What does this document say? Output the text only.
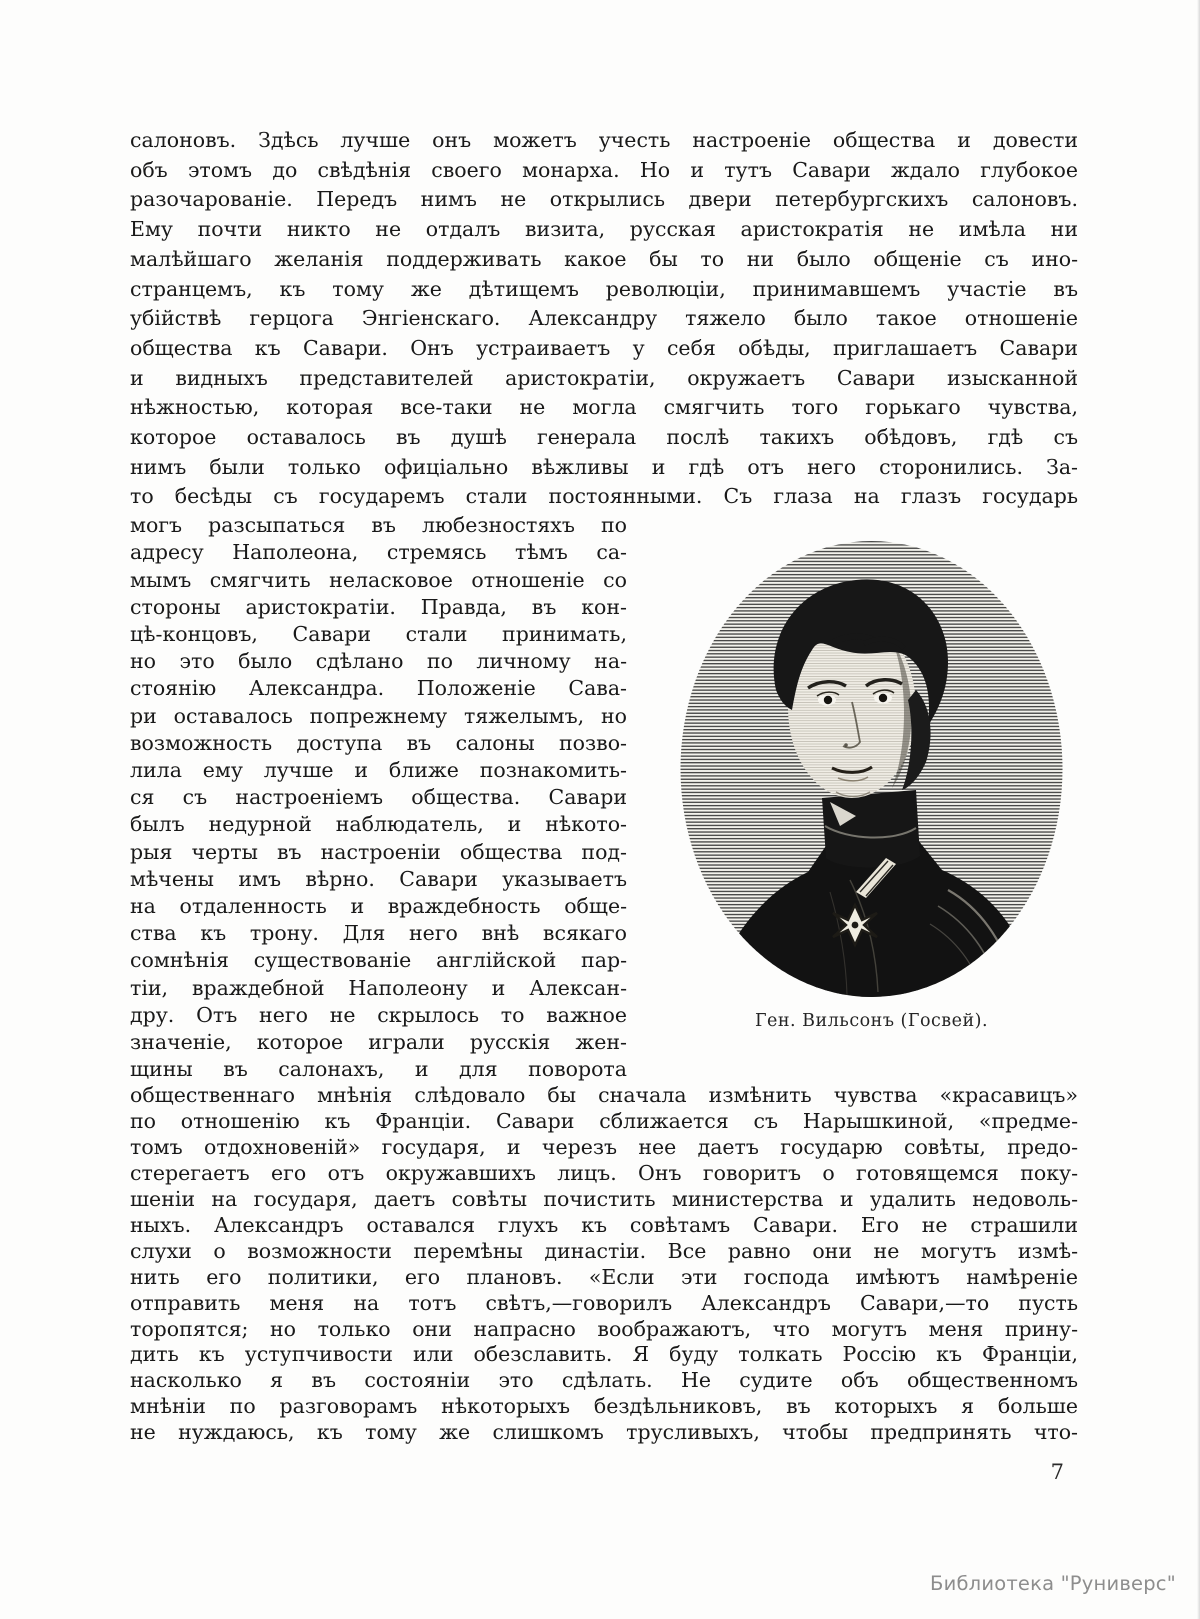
салоновъ. Здѣсь лучше онъ можетъ учесть настроеніе общества и довести
объ этомъ до свѣдѣнія своего монарха. Но и тутъ Савари ждало глубокое
разочарованіе. Передъ нимъ не открылись двери петербургскихъ салоновъ.
Ему почти никто не отдалъ визита, русская аристократія не имѣла ни
малѣйшаго желанія поддерживать какое бы то ни было общеніе съ ино-
странцемъ, къ тому же дѣтищемъ революціи, принимавшемъ участіе въ
убійствѣ герцога Энгіенскаго. Александру тяжело было такое отношеніе
общества къ Савари. Онъ устраиваетъ у себя обѣды, приглашаетъ Савари
и видныхъ представителей аристократіи, окружаетъ Савари изысканной
нѣжностью, которая все-таки не могла смягчить того горькаго чувства,
которое оставалось въ душѣ генерала послѣ такихъ обѣдовъ, гдѣ съ
нимъ были только офиціально вѣжливы и гдѣ отъ него сторонились. За-
то бесѣды съ государемъ стали постоянными. Съ глаза на глазъ государь
могъ разсыпаться въ любезностяхъ по
адресу Наполеона, стремясь тѣмъ са-
мымъ смягчить неласковое отношеніе со
стороны аристократіи. Правда, въ кон-
цѣ-концовъ, Савари стали принимать,
но это было сдѣлано по личному на-
стоянію Александра. Положеніе Сава-
ри оставалось попрежнему тяжелымъ, но
возможность доступа въ салоны позво-
лила ему лучше и ближе познакомить-
ся съ настроеніемъ общества. Савари
былъ недурной наблюдатель, и нѣкото-
рыя черты въ настроеніи общества под-
мѣчены имъ вѣрно. Савари указываетъ
на отдаленность и враждебность обще-
ства къ трону. Для него внѣ всякаго
сомнѣнія существованіе англійской пар-
тіи, враждебной Наполеону и Алексан-
дру. Отъ него не скрылось то важное
значеніе, которое играли русскія жен-
щины въ салонахъ, и для поворота
Ген. Вильсонъ (Госвей).
общественнаго мнѣнія слѣдовало бы сначала измѣнить чувства «красавицъ»
по отношенію къ Франціи. Савари сближается съ Нарышкиной, «предме-
томъ отдохновеній» государя, и черезъ нее даетъ государю совѣты, предо-
стерегаетъ его отъ окружавшихъ лицъ. Онъ говоритъ о готовящемся поку-
шеніи на государя, даетъ совѣты почистить министерства и удалить недоволь-
ныхъ. Александръ оставался глухъ къ совѣтамъ Савари. Его не страшили
слухи о возможности перемѣны династіи. Все равно они не могутъ измѣ-
нить его политики, его плановъ. «Если эти господа имѣютъ намѣреніе
отправить меня на тотъ свѣтъ,—говорилъ Александръ Савари,—то пусть
торопятся; но только они напрасно воображаютъ, что могутъ меня прину-
дить къ уступчивости или обезславить. Я буду толкать Россію къ Франціи,
насколько я въ состояніи это сдѣлать. Не судите объ общественномъ
мнѣніи по разговорамъ нѣкоторыхъ бездѣльниковъ, въ которыхъ я больше
не нуждаюсь, къ тому же слишкомъ трусливыхъ, чтобы предпринять что-
7
Библиотека "Руниверс"
